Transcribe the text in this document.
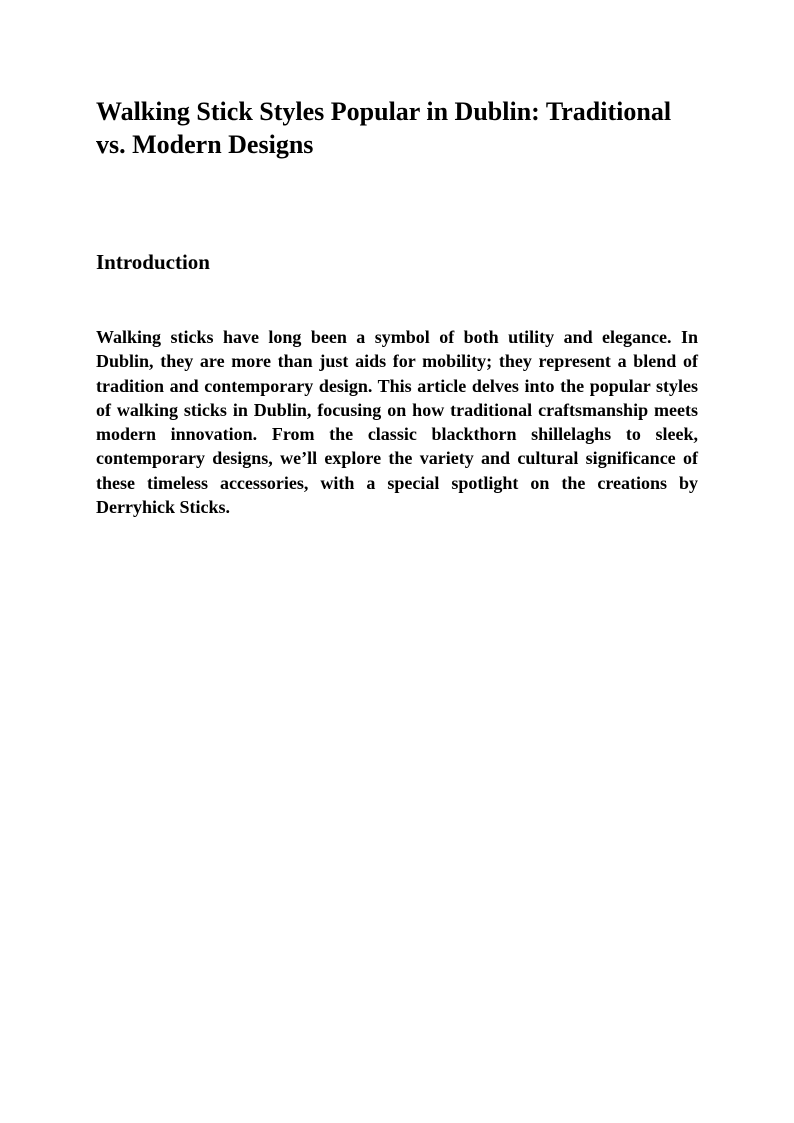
Walking Stick Styles Popular in Dublin: Traditional vs. Modern Designs
Introduction

Walking sticks have long been a symbol of both utility and elegance. In Dublin, they are more than just aids for mobility; they represent a blend of tradition and contemporary design. This article delves into the popular styles of walking sticks in Dublin, focusing on how traditional craftsmanship meets modern innovation. From the classic blackthorn shillelaghs to sleek, contemporary designs, we’ll explore the variety and cultural significance of these timeless accessories, with a special spotlight on the creations by Derryhick Sticks.
